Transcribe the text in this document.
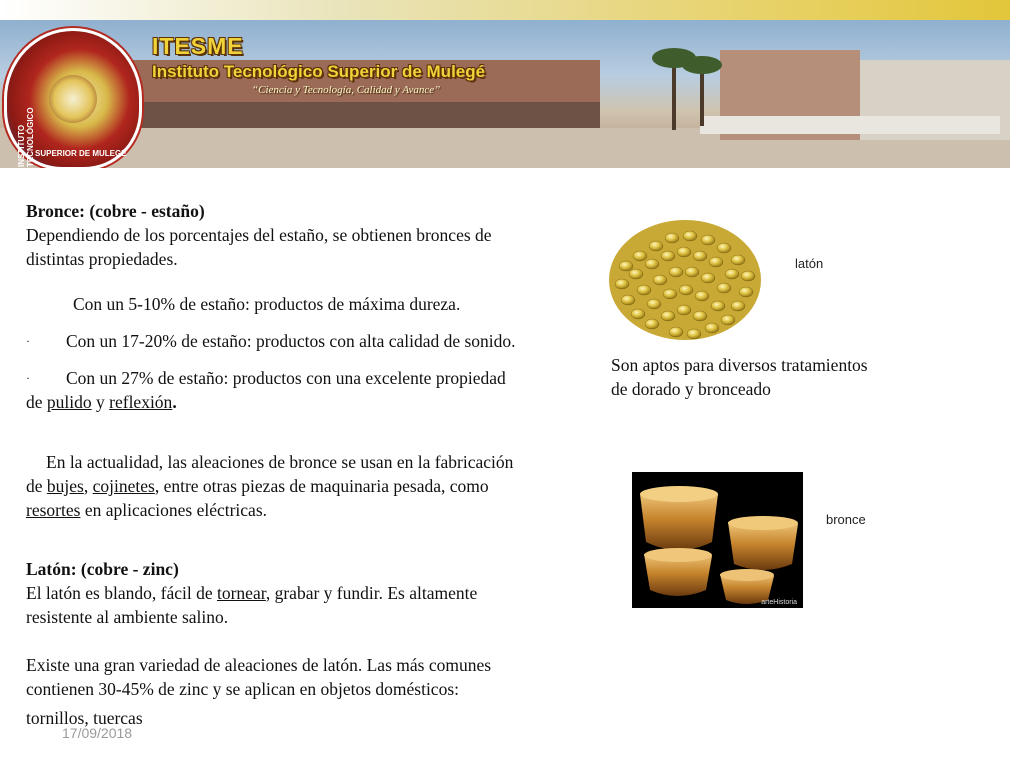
INSTITUTO TECNOLÓGICO SUPERIOR DE MULEGÉ
ITESME
Instituto Tecnológico Superior de Mulegé
“Ciencia y Tecnología, Calidad y Avance”
Bronce: (cobre - estaño)
Dependiendo de los porcentajes del estaño, se obtienen bronces de
distintas propiedades.
Con un 5-10% de estaño: productos de máxima dureza.
· Con un 17-20% de estaño: productos con alta calidad de sonido.
· Con un 27% de estaño: productos con una excelente propiedad
de pulido y reflexión.
En la actualidad, las aleaciones de bronce se usan en la fabricación
de bujes, cojinetes, entre otras piezas de maquinaria pesada, como
resortes en aplicaciones eléctricas.
Latón: (cobre - zinc)
El latón es blando, fácil de tornear, grabar y fundir. Es altamente
resistente al ambiente salino.
Existe una gran variedad de aleaciones de latón. Las más comunes
contienen 30-45% de zinc y se aplican en objetos domésticos:
tornillos, tuercas
latón
Son aptos para diversos tratamientos
de dorado y bronceado
arteHistoria
bronce
17/09/2018
